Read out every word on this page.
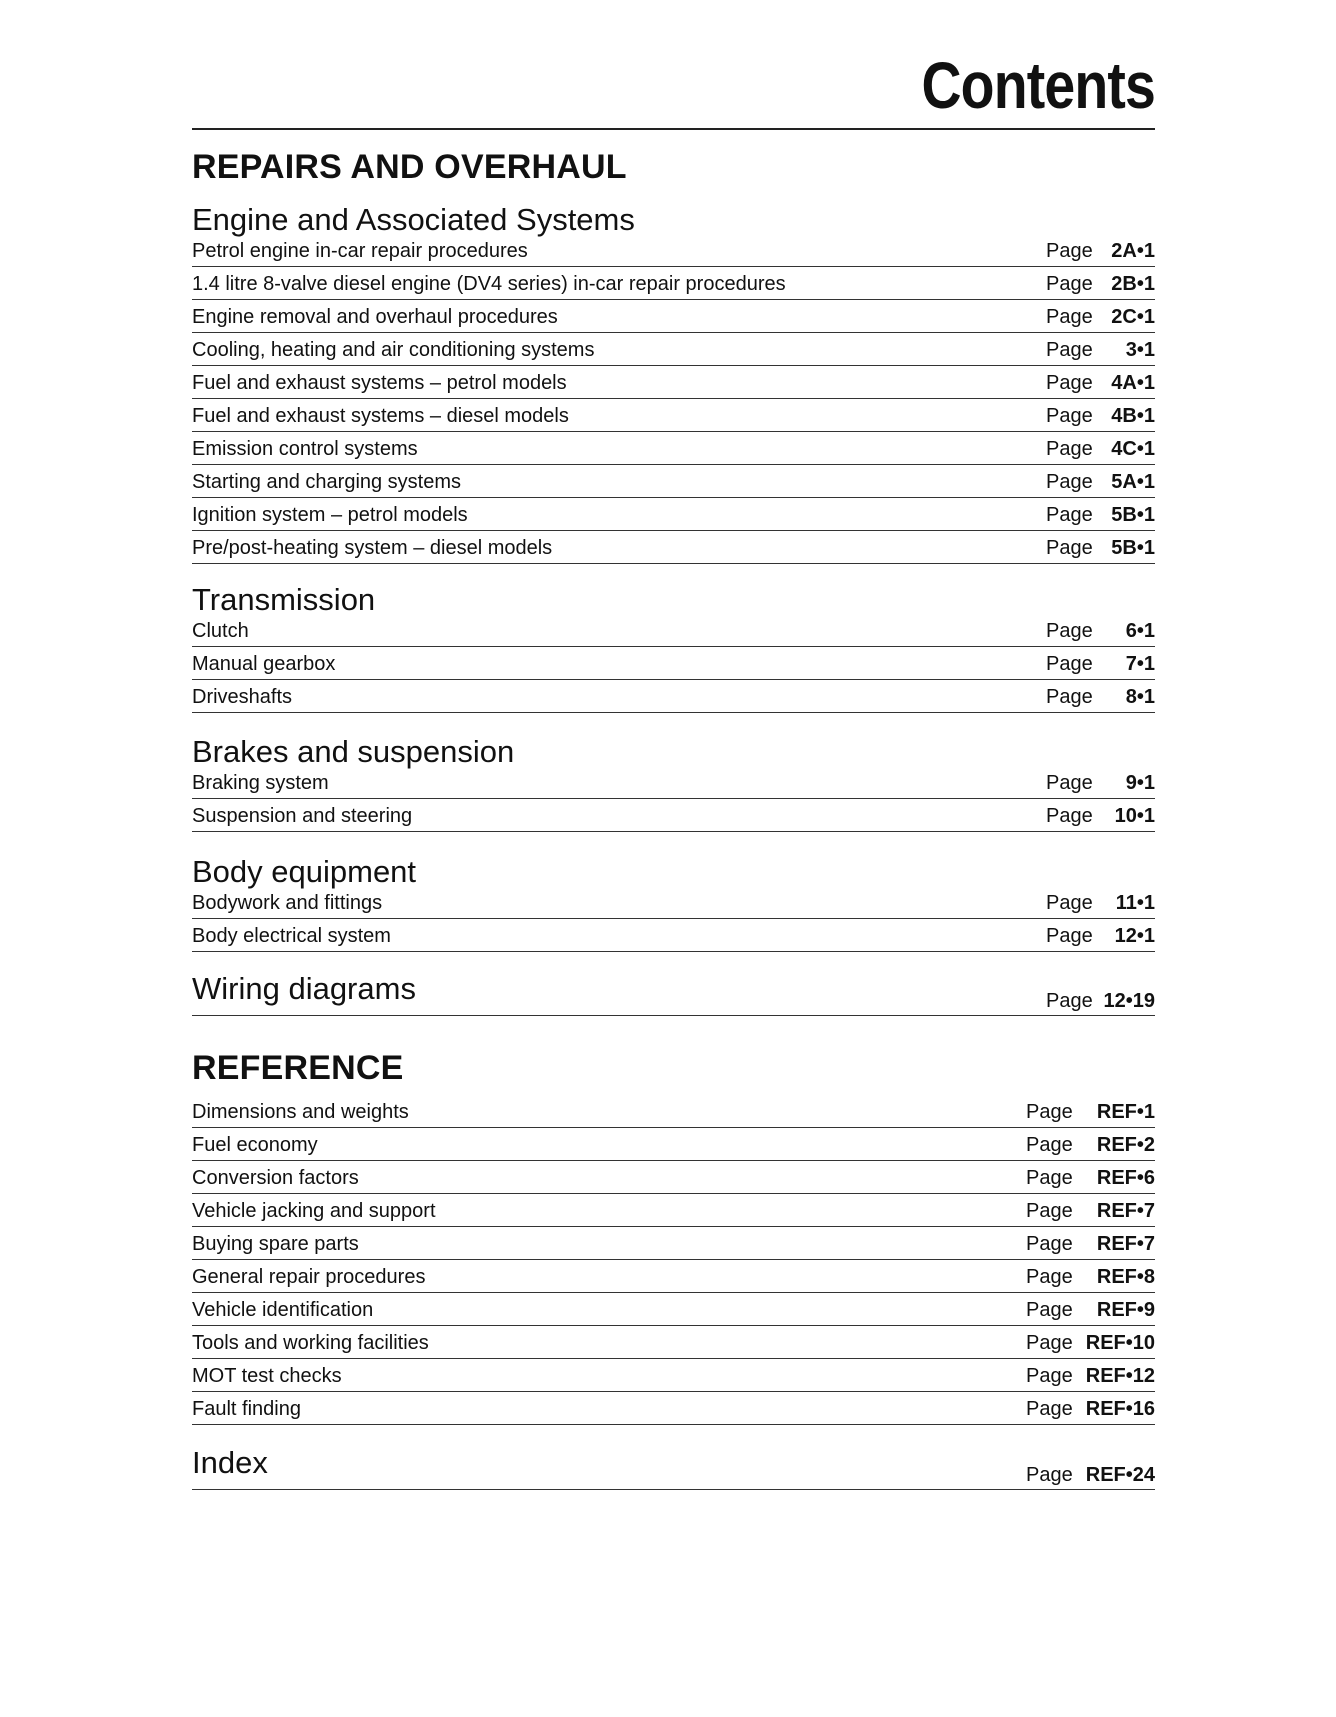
Contents
REPAIRS AND OVERHAUL
Engine and Associated Systems
Petrol engine in-car repair procedures	Page 2A•1
1.4 litre 8-valve diesel engine (DV4 series) in-car repair procedures	Page 2B•1
Engine removal and overhaul procedures	Page 2C•1
Cooling, heating and air conditioning systems	Page 3•1
Fuel and exhaust systems – petrol models	Page 4A•1
Fuel and exhaust systems – diesel models	Page 4B•1
Emission control systems	Page 4C•1
Starting and charging systems	Page 5A•1
Ignition system – petrol models	Page 5B•1
Pre/post-heating system – diesel models	Page 5B•1
Transmission
Clutch	Page 6•1
Manual gearbox	Page 7•1
Driveshafts	Page 8•1
Brakes and suspension
Braking system	Page 9•1
Suspension and steering	Page 10•1
Body equipment
Bodywork and fittings	Page 11•1
Body electrical system	Page 12•1
Wiring diagrams	Page 12•19
REFERENCE
Dimensions and weights	Page REF•1
Fuel economy	Page REF•2
Conversion factors	Page REF•6
Vehicle jacking and support	Page REF•7
Buying spare parts	Page REF•7
General repair procedures	Page REF•8
Vehicle identification	Page REF•9
Tools and working facilities	Page REF•10
MOT test checks	Page REF•12
Fault finding	Page REF•16
Index	Page REF•24
